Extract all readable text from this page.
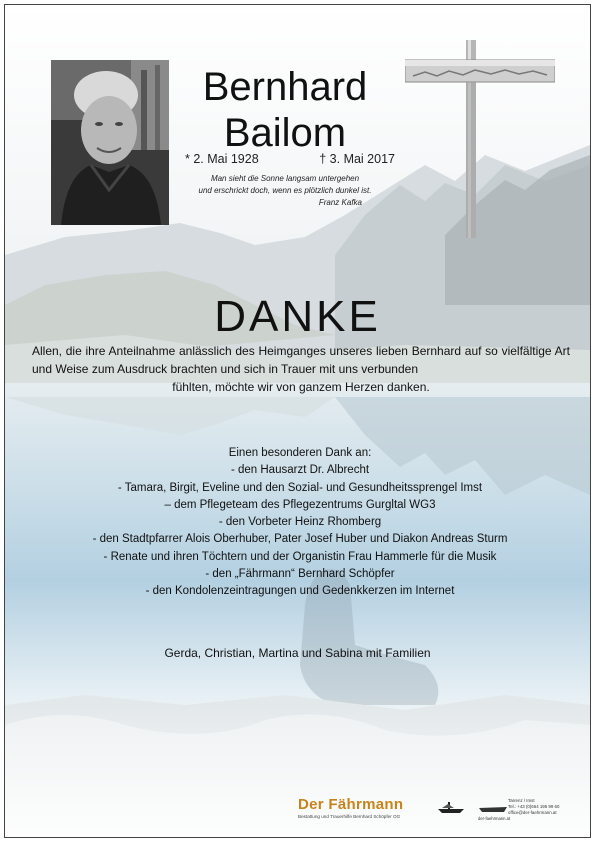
Bernhard
Bailom
* 2. Mai 1928	† 3. Mai 2017
Man sieht die Sonne langsam untergehen
und erschrickt doch, wenn es plötzlich dunkel ist.
Franz Kafka
DANKE
Allen, die ihre Anteilnahme anlässlich des Heimganges unseres lieben Bernhard auf so vielfältige Art und Weise zum Ausdruck brachten und sich in Trauer mit uns verbunden
fühlten, möchte wir von ganzem Herzen danken.
Einen besonderen Dank an:
- den Hausarzt Dr. Albrecht
- Tamara, Birgit, Eveline und den Sozial- und Gesundheitssprengel Imst
– dem Pflegeteam des Pflegezentrums Gurgltal WG3
- den Vorbeter Heinz Rhomberg
- den Stadtpfarrer Alois Oberhuber, Pater Josef Huber und Diakon Andreas Sturm
- Renate und ihren Töchtern und der Organistin Frau Hammerle für die Musik
- den „Fährmann“ Bernhard Schöpfer
- den Kondolenzeintragungen und Gedenkkerzen im Internet
Gerda, Christian, Martina und Sabina mit Familien
Der Fährmann
Bestattung und Trauerhilfe Bernhard Schöpfer OG
Tarrenz / Imst
Tel.: +43 (0)664 195 99 60
office@der-faehrmann.at
der-faehrmann.at
